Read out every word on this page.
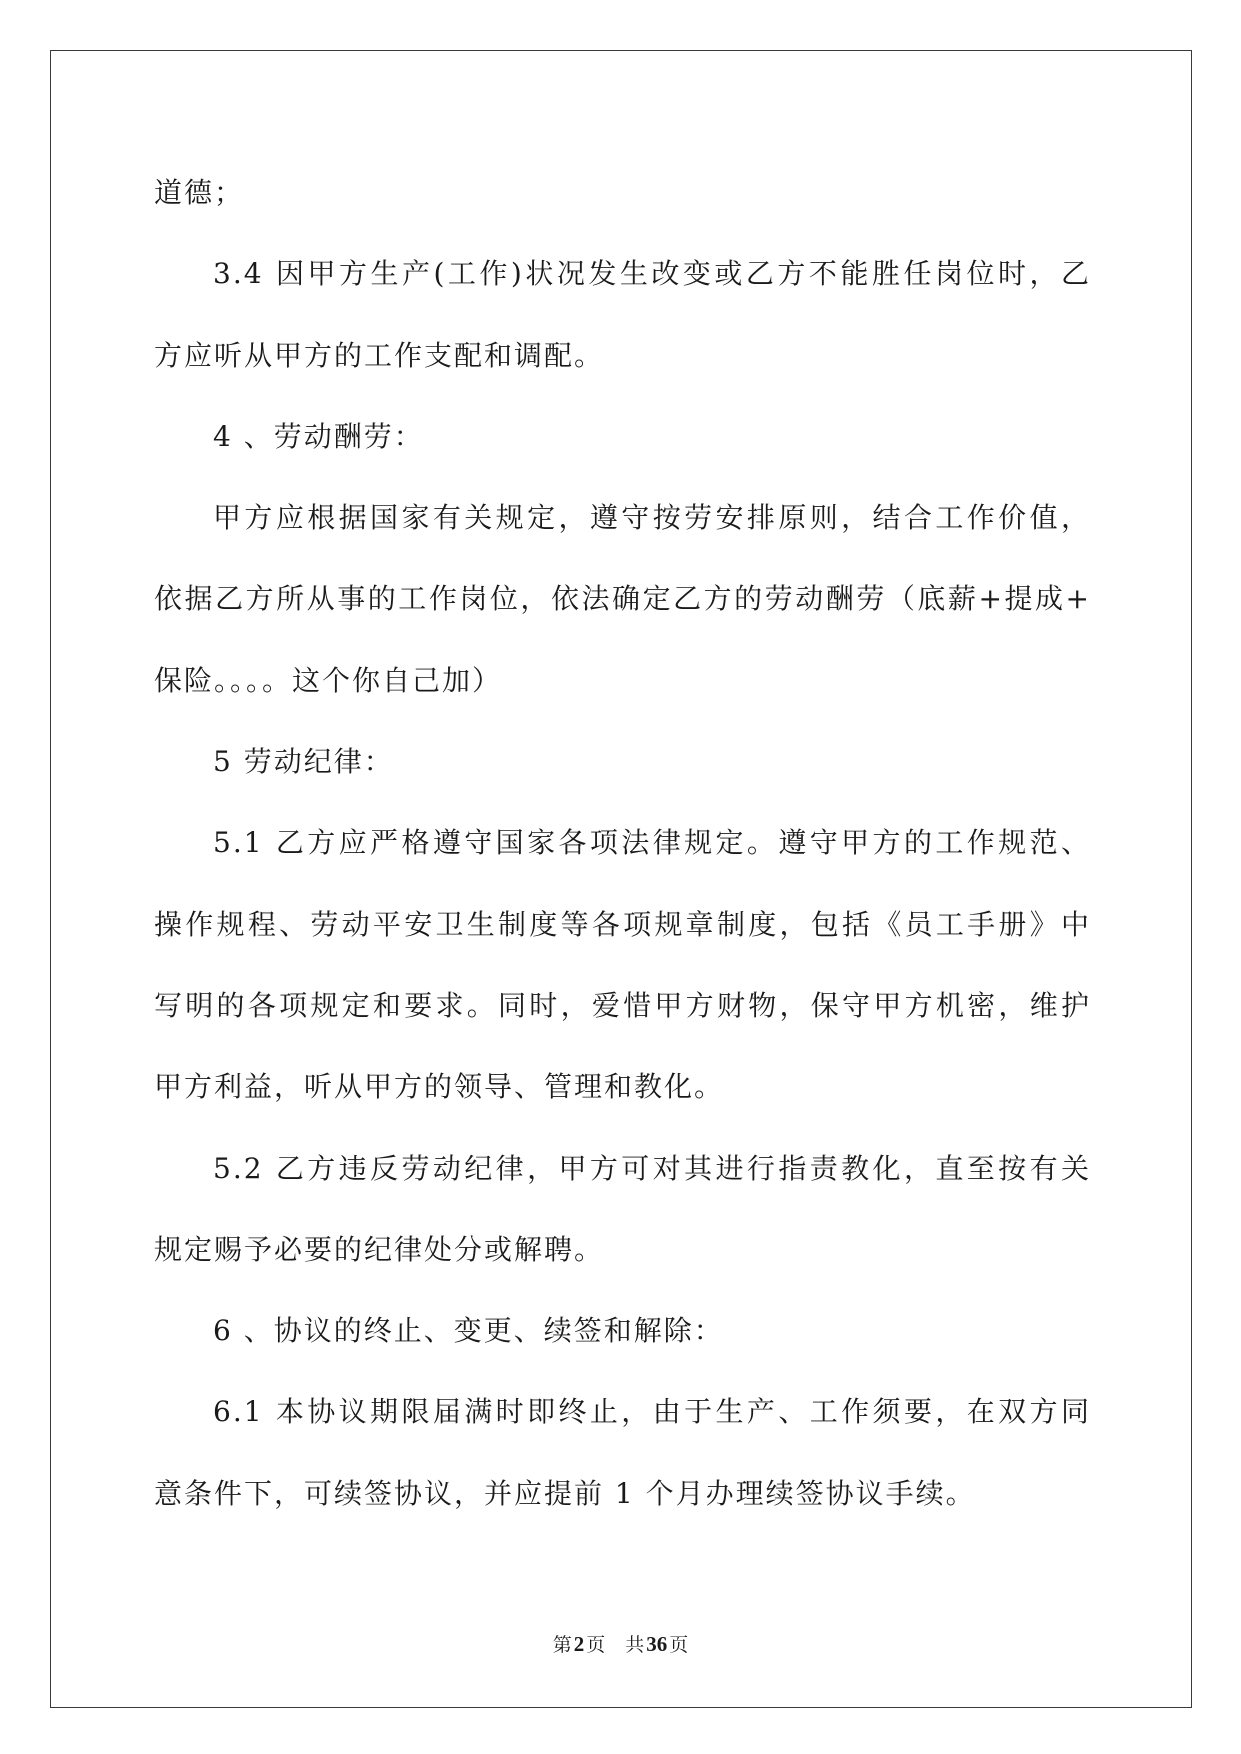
道德；
3.4 因甲方生产(工作)状况发生改变或乙方不能胜任岗位时，乙
方应听从甲方的工作支配和调配。
4 、劳动酬劳：
甲方应根据国家有关规定，遵守按劳安排原则，结合工作价值，
依据乙方所从事的工作岗位，依法确定乙方的劳动酬劳（底薪+提成+
保险。。。。这个你自己加）
5 劳动纪律：
5.1 乙方应严格遵守国家各项法律规定。遵守甲方的工作规范、
操作规程、劳动平安卫生制度等各项规章制度，包括《员工手册》中
写明的各项规定和要求。同时，爱惜甲方财物，保守甲方机密，维护
甲方利益，听从甲方的领导、管理和教化。
5.2 乙方违反劳动纪律，甲方可对其进行指责教化，直至按有关
规定赐予必要的纪律处分或解聘。
6 、协议的终止、变更、续签和解除：
6.1 本协议期限届满时即终止，由于生产、工作须要，在双方同
意条件下，可续签协议，并应提前 1 个月办理续签协议手续。
第2 页 共36 页
